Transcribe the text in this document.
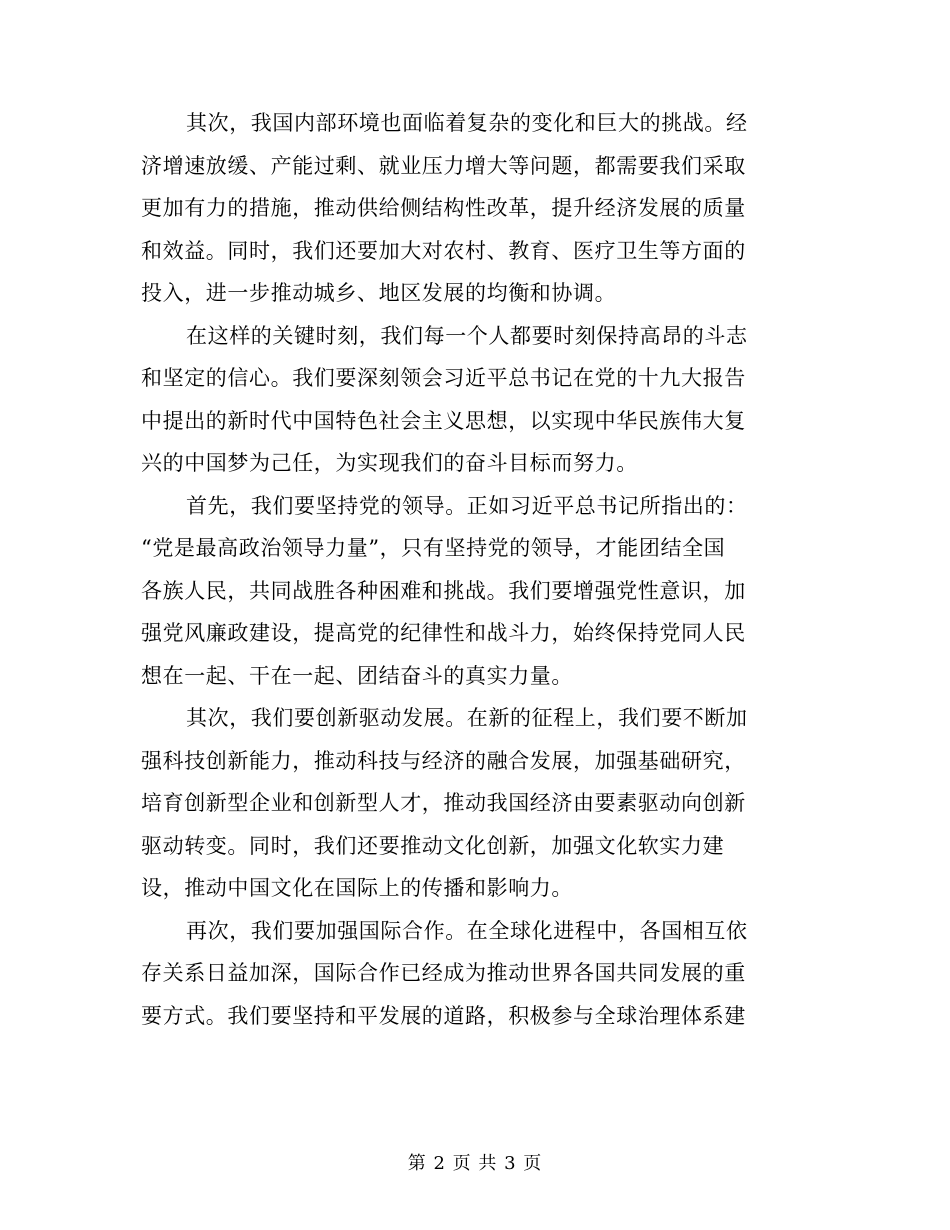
其次，我国内部环境也面临着复杂的变化和巨大的挑战。经
济增速放缓、产能过剩、就业压力增大等问题，都需要我们采取
更加有力的措施，推动供给侧结构性改革，提升经济发展的质量
和效益。同时，我们还要加大对农村、教育、医疗卫生等方面的
投入，进一步推动城乡、地区发展的均衡和协调。

在这样的关键时刻，我们每一个人都要时刻保持高昂的斗志
和坚定的信心。我们要深刻领会习近平总书记在党的十九大报告
中提出的新时代中国特色社会主义思想，以实现中华民族伟大复
兴的中国梦为己任，为实现我们的奋斗目标而努力。

首先，我们要坚持党的领导。正如习近平总书记所指出的：
“党是最高政治领导力量”，只有坚持党的领导，才能团结全国
各族人民，共同战胜各种困难和挑战。我们要增强党性意识，加
强党风廉政建设，提高党的纪律性和战斗力，始终保持党同人民
想在一起、干在一起、团结奋斗的真实力量。

其次，我们要创新驱动发展。在新的征程上，我们要不断加
强科技创新能力，推动科技与经济的融合发展，加强基础研究，
培育创新型企业和创新型人才，推动我国经济由要素驱动向创新
驱动转变。同时，我们还要推动文化创新，加强文化软实力建
设，推动中国文化在国际上的传播和影响力。

再次，我们要加强国际合作。在全球化进程中，各国相互依
存关系日益加深，国际合作已经成为推动世界各国共同发展的重
要方式。我们要坚持和平发展的道路，积极参与全球治理体系建

第 2 页 共 3 页
